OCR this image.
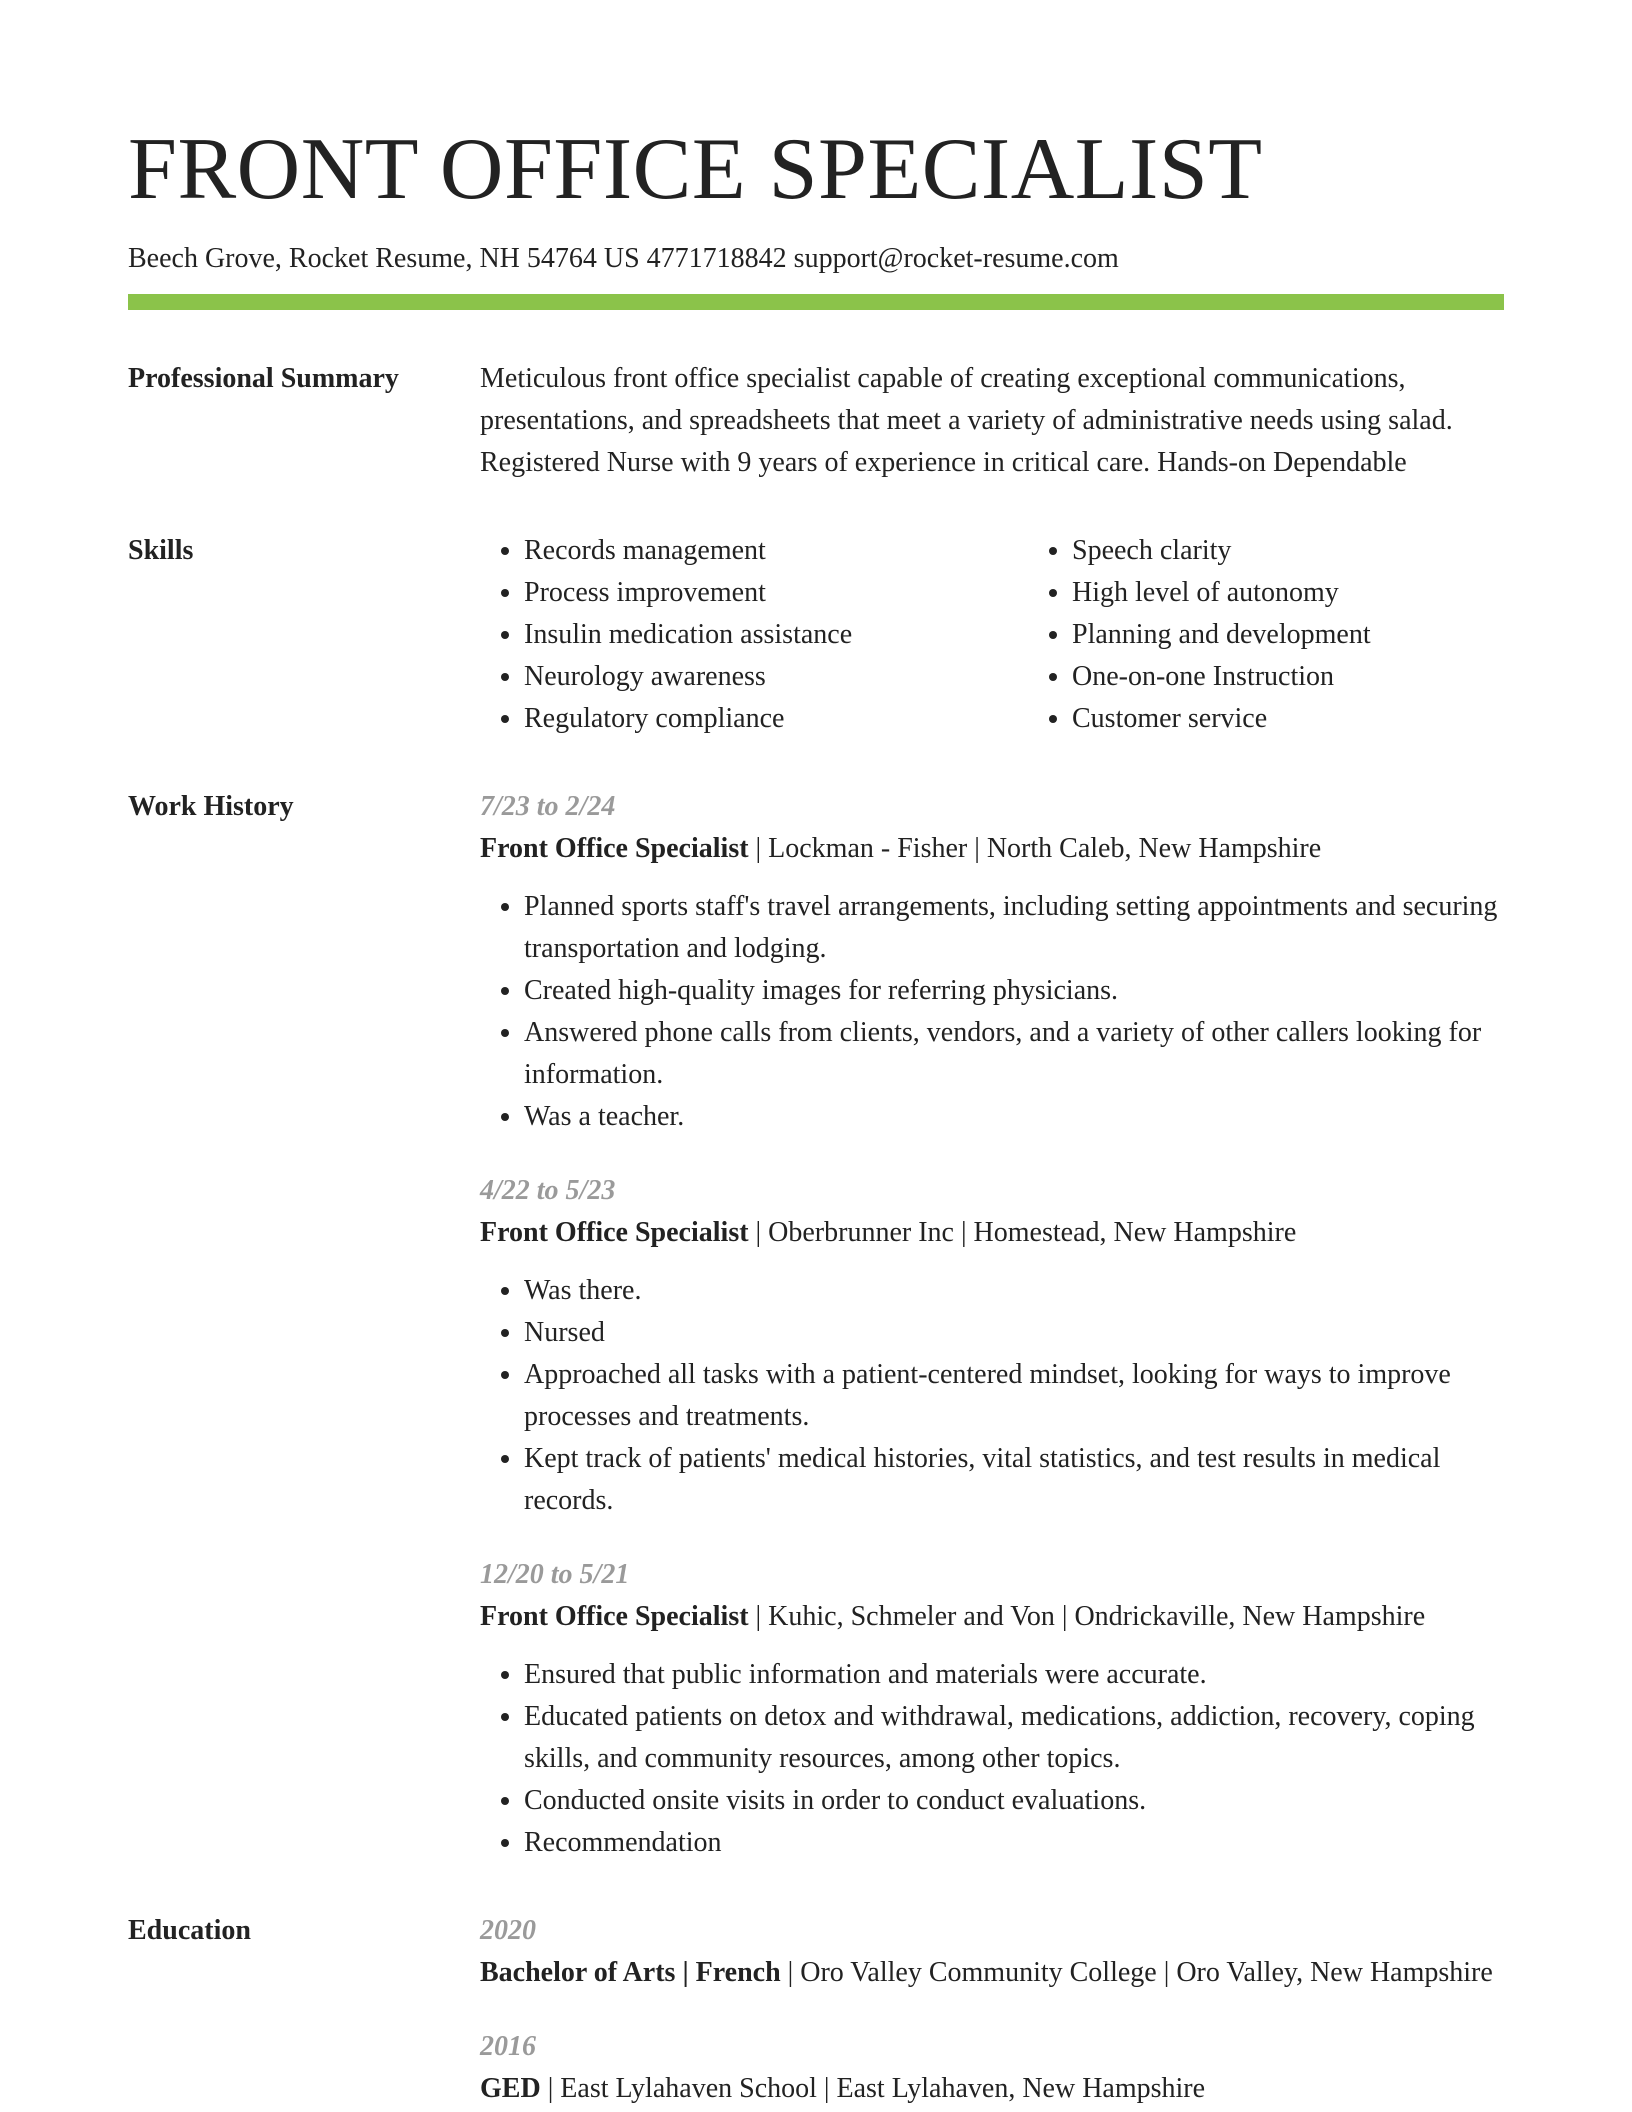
FRONT OFFICE SPECIALIST
Beech Grove, Rocket Resume, NH 54764 US 4771718842 support@rocket-resume.com
Professional Summary	Meticulous front office specialist capable of creating exceptional communications, presentations, and spreadsheets that meet a variety of administrative needs using salad. Registered Nurse with 9 years of experience in critical care. Hands-on Dependable
Skills
•	Records management
• Process improvement
• Insulin medication assistance
• Neurology awareness
• Regulatory compliance
• Speech clarity
• High level of autonomy
• Planning and development
• One-on-one Instruction
• Customer service
Work History	7/23 to 2/24
Front Office Specialist | Lockman - Fisher | North Caleb, New Hampshire
• Planned sports staff's travel arrangements, including setting appointments and securing transportation and lodging.
• Created high-quality images for referring physicians.
• Answered phone calls from clients, vendors, and a variety of other callers looking for information.
• Was a teacher.
4/22 to 5/23
Front Office Specialist | Oberbrunner Inc | Homestead, New Hampshire
• Was there.
• Nursed
• Approached all tasks with a patient-centered mindset, looking for ways to improve processes and treatments.
• Kept track of patients' medical histories, vital statistics, and test results in medical records.
12/20 to 5/21
Front Office Specialist | Kuhic, Schmeler and Von | Ondrickaville, New Hampshire
• Ensured that public information and materials were accurate.
• Educated patients on detox and withdrawal, medications, addiction, recovery, coping skills, and community resources, among other topics.
• Conducted onsite visits in order to conduct evaluations.
• Recommendation
Education	2020
Bachelor of Arts | French | Oro Valley Community College | Oro Valley, New Hampshire
2016
GED | East Lylahaven School | East Lylahaven, New Hampshire
